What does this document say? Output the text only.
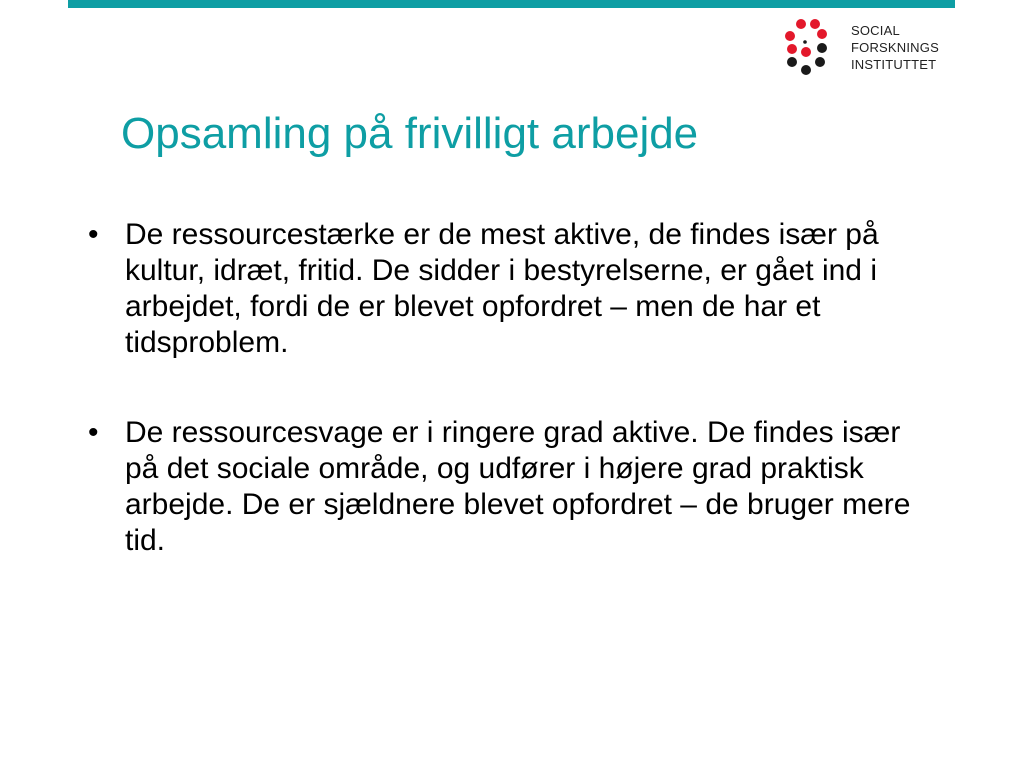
SOCIAL
FORSKNINGS
INSTITUTTET
Opsamling på frivilligt arbejde
• De ressourcestærke er de mest aktive, de findes især på kultur, idræt, fritid. De sidder i bestyrelserne, er gået ind i arbejdet, fordi de er blevet opfordret – men de har et tidsproblem.
• De ressourcesvage er i ringere grad aktive. De findes især på det sociale område, og udfører i højere grad praktisk arbejde. De er sjældnere blevet opfordret – de bruger mere tid.
